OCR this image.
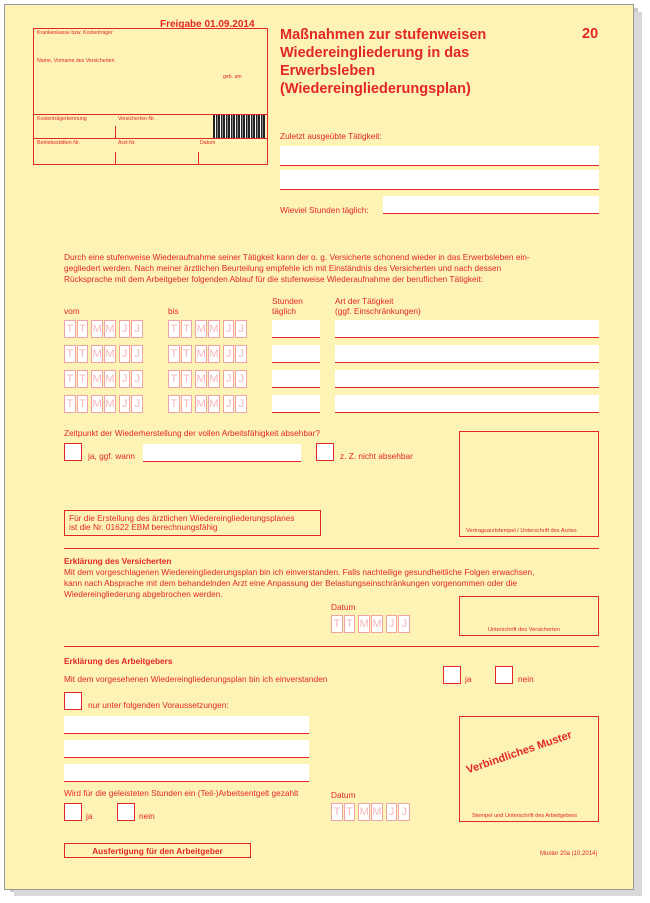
Freigabe 01.09.2014
Krankenkasse bzw. Kostenträger
Name, Vorname des Versicherten
geb. am
Kostenträgerkennung	Versicherten-Nr.
Betriebsstätten-Nr.	Arzt-Nr.	Datum
Maßnahmen zur stufenweisen
Wiedereingliederung in das
Erwerbsleben
(Wiedereingliederungsplan)
20
Zuletzt ausgeübte Tätigkeit:
Wieviel Stunden täglich:
Durch eine stufenweise Wiederaufnahme seiner Tätigkeit kann der o. g. Versicherte schonend wieder in das Erwerbsleben ein-
gegliedert werden. Nach meiner ärztlichen Beurteilung empfehle ich mit Einständnis des Versicherten und nach dessen
Rücksprache mit dem Arbeitgeber folgenden Ablauf für die stufenweise Wiederaufnahme der beruflichen Tätigkeit:
vom	bis
Stunden
täglich
Art der Tätigkeit
(ggf. Einschränkungen)
T T M M J J	T T M M J J
T T M M J J	T T M M J J
T T M M J J	T T M M J J
T T M M J J	T T M M J J
Zeitpunkt der Wiederherstellung der vollen Arbeitsfähigkeit absehbar?
ja, ggf. wann	z. Z. nicht absehbar
Vertragsarztstempel / Unterschrift des Arztes
Für die Erstellung des ärztlichen Wiedereingliederungsplanes
ist die Nr. 01622 EBM berechnungsfähig
Erklärung des Versicherten
Mit dem vorgeschlagenen Wiedereingliederungsplan bin ich einverstanden. Falls nachteilige gesundheitliche Folgen erwachsen,
kann nach Absprache mit dem behandelnden Arzt eine Anpassung der Belastungseinschränkungen vorgenommen oder die
Wiedereingliederung abgebrochen werden.
Datum
T T M M J J	Unterschrift des Versicherten
Erklärung des Arbeitgebers
Mit dem vorgesehenen Wiedereingliederungsplan bin ich einverstanden	ja	nein
nur unter folgenden Voraussetzungen:
Wird für die geleisteten Stunden ein (Teil-)Arbeitsentgelt gezahlt
ja	nein
Datum
T T M M J J
Verbindliches Muster
Stempel und Unterschrift des Arbeitgebers
Ausfertigung für den Arbeitgeber	Muster 20a (10.2014)
